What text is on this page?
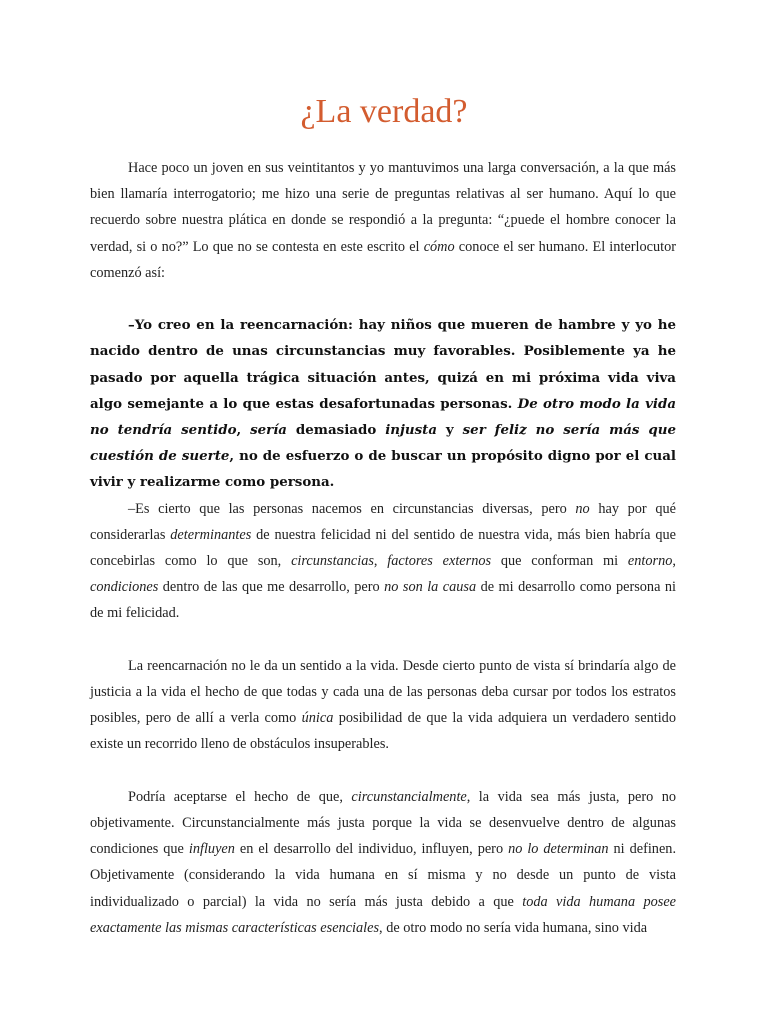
¿La verdad?

Hace poco un joven en sus veintitantos y yo mantuvimos una larga conversación, a la que más bien llamaría interrogatorio; me hizo una serie de preguntas relativas al ser humano. Aquí lo que recuerdo sobre nuestra plática en donde se respondió a la pregunta: “¿puede el hombre conocer la verdad, si o no?” Lo que no se contesta en este escrito el cómo conoce el ser humano. El interlocutor comenzó así:

–Yo creo en la reencarnación: hay niños que mueren de hambre y yo he nacido dentro de unas circunstancias muy favorables. Posiblemente ya he pasado por aquella trágica situación antes, quizá en mi próxima vida viva algo semejante a lo que estas desafortunadas personas. De otro modo la vida no tendría sentido, sería demasiado injusta y ser feliz no sería más que cuestión de suerte, no de esfuerzo o de buscar un propósito digno por el cual vivir y realizarme como persona.

–Es cierto que las personas nacemos en circunstancias diversas, pero no hay por qué considerarlas determinantes de nuestra felicidad ni del sentido de nuestra vida, más bien habría que concebirlas como lo que son, circunstancias, factores externos que conforman mi entorno, condiciones dentro de las que me desarrollo, pero no son la causa de mi desarrollo como persona ni de mi felicidad.

La reencarnación no le da un sentido a la vida. Desde cierto punto de vista sí brindaría algo de justicia a la vida el hecho de que todas y cada una de las personas deba cursar por todos los estratos posibles, pero de allí a verla como única posibilidad de que la vida adquiera un verdadero sentido existe un recorrido lleno de obstáculos insuperables.

Podría aceptarse el hecho de que, circunstancialmente, la vida sea más justa, pero no objetivamente. Circunstancialmente más justa porque la vida se desenvuelve dentro de algunas condiciones que influyen en el desarrollo del individuo, influyen, pero no lo determinan ni definen. Objetivamente (considerando la vida humana en sí misma y no desde un punto de vista individualizado o parcial) la vida no sería más justa debido a que toda vida humana posee exactamente las mismas características esenciales, de otro modo no sería vida humana, sino vida
